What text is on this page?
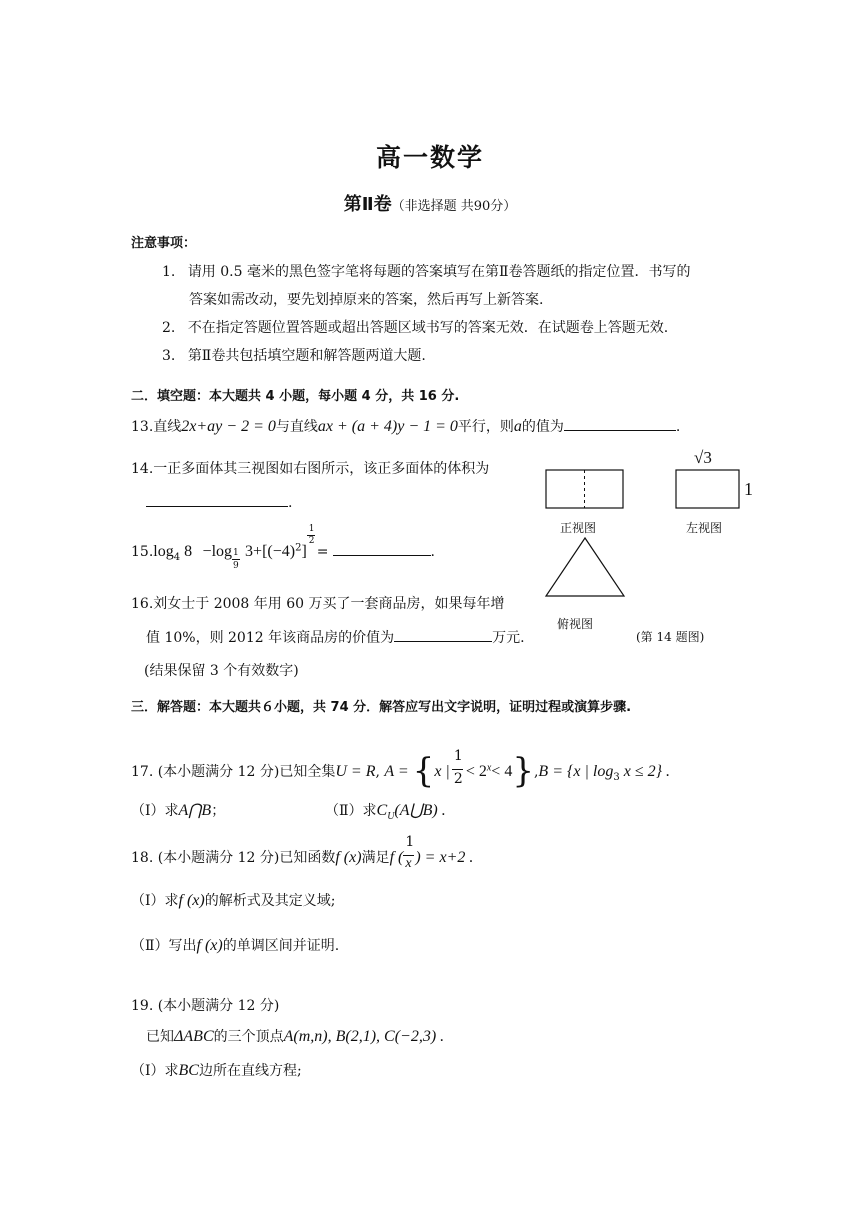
高一数学
第Ⅱ卷（非选择题 共90分）
注意事项：
1. 请用 0.5 毫米的黑色签字笔将每题的答案填写在第Ⅱ卷答题纸的指定位置．书写的
答案如需改动，要先划掉原来的答案，然后再写上新答案.
2. 不在指定答题位置答题或超出答题区域书写的答案无效．在试题卷上答题无效.
3. 第Ⅱ卷共包括填空题和解答题两道大题.
二．填空题：本大题共 4 小题，每小题 4 分，共 16 分.
13.直线2x+ay − 2 = 0与直线ax + (a + 4)y − 1 = 0平行，则a的值为	.
14.一正多面体其三视图如右图所示，该正多面体的体积为
.
$15.\log_4$ $8 -\log \frac{1}{9} 3+[(-4)^2] \frac{1}{2}$ =	.
16.刘女士于 2008 年用 60 万买了一套商品房，如果每年增
值 10%，则 2012 年该商品房的价值为	万元.
(结果保留 3 个有效数字)
√3
1
正视图	左视图
俯视图
(第 14 题图)
三．解答题：本大题共６小题，共 74 分．解答应写出文字说明，证明过程或演算步骤.
17. (本小题满分 12 分)已知全集U = R, A = {x | $\frac{1}{2} < 2^x< 4\},B = \{x$ | $\log_3 x \le 2$} .
（Ⅰ）求A⋂B；	（Ⅱ）求$C_U(A⋃B)$ .
18. (本小题满分 12 分)已知函数f (x)满足f ( $\frac{1}{x}$ ) = x+2 .
（Ⅰ）求f (x)的解析式及其定义域;
（Ⅱ）写出f (x)的单调区间并证明.
19. (本小题满分 12 分)
已知ΔABC的三个顶点A(m,n), B(2,1), C(−2,3) .
（Ⅰ）求BC边所在直线方程;
